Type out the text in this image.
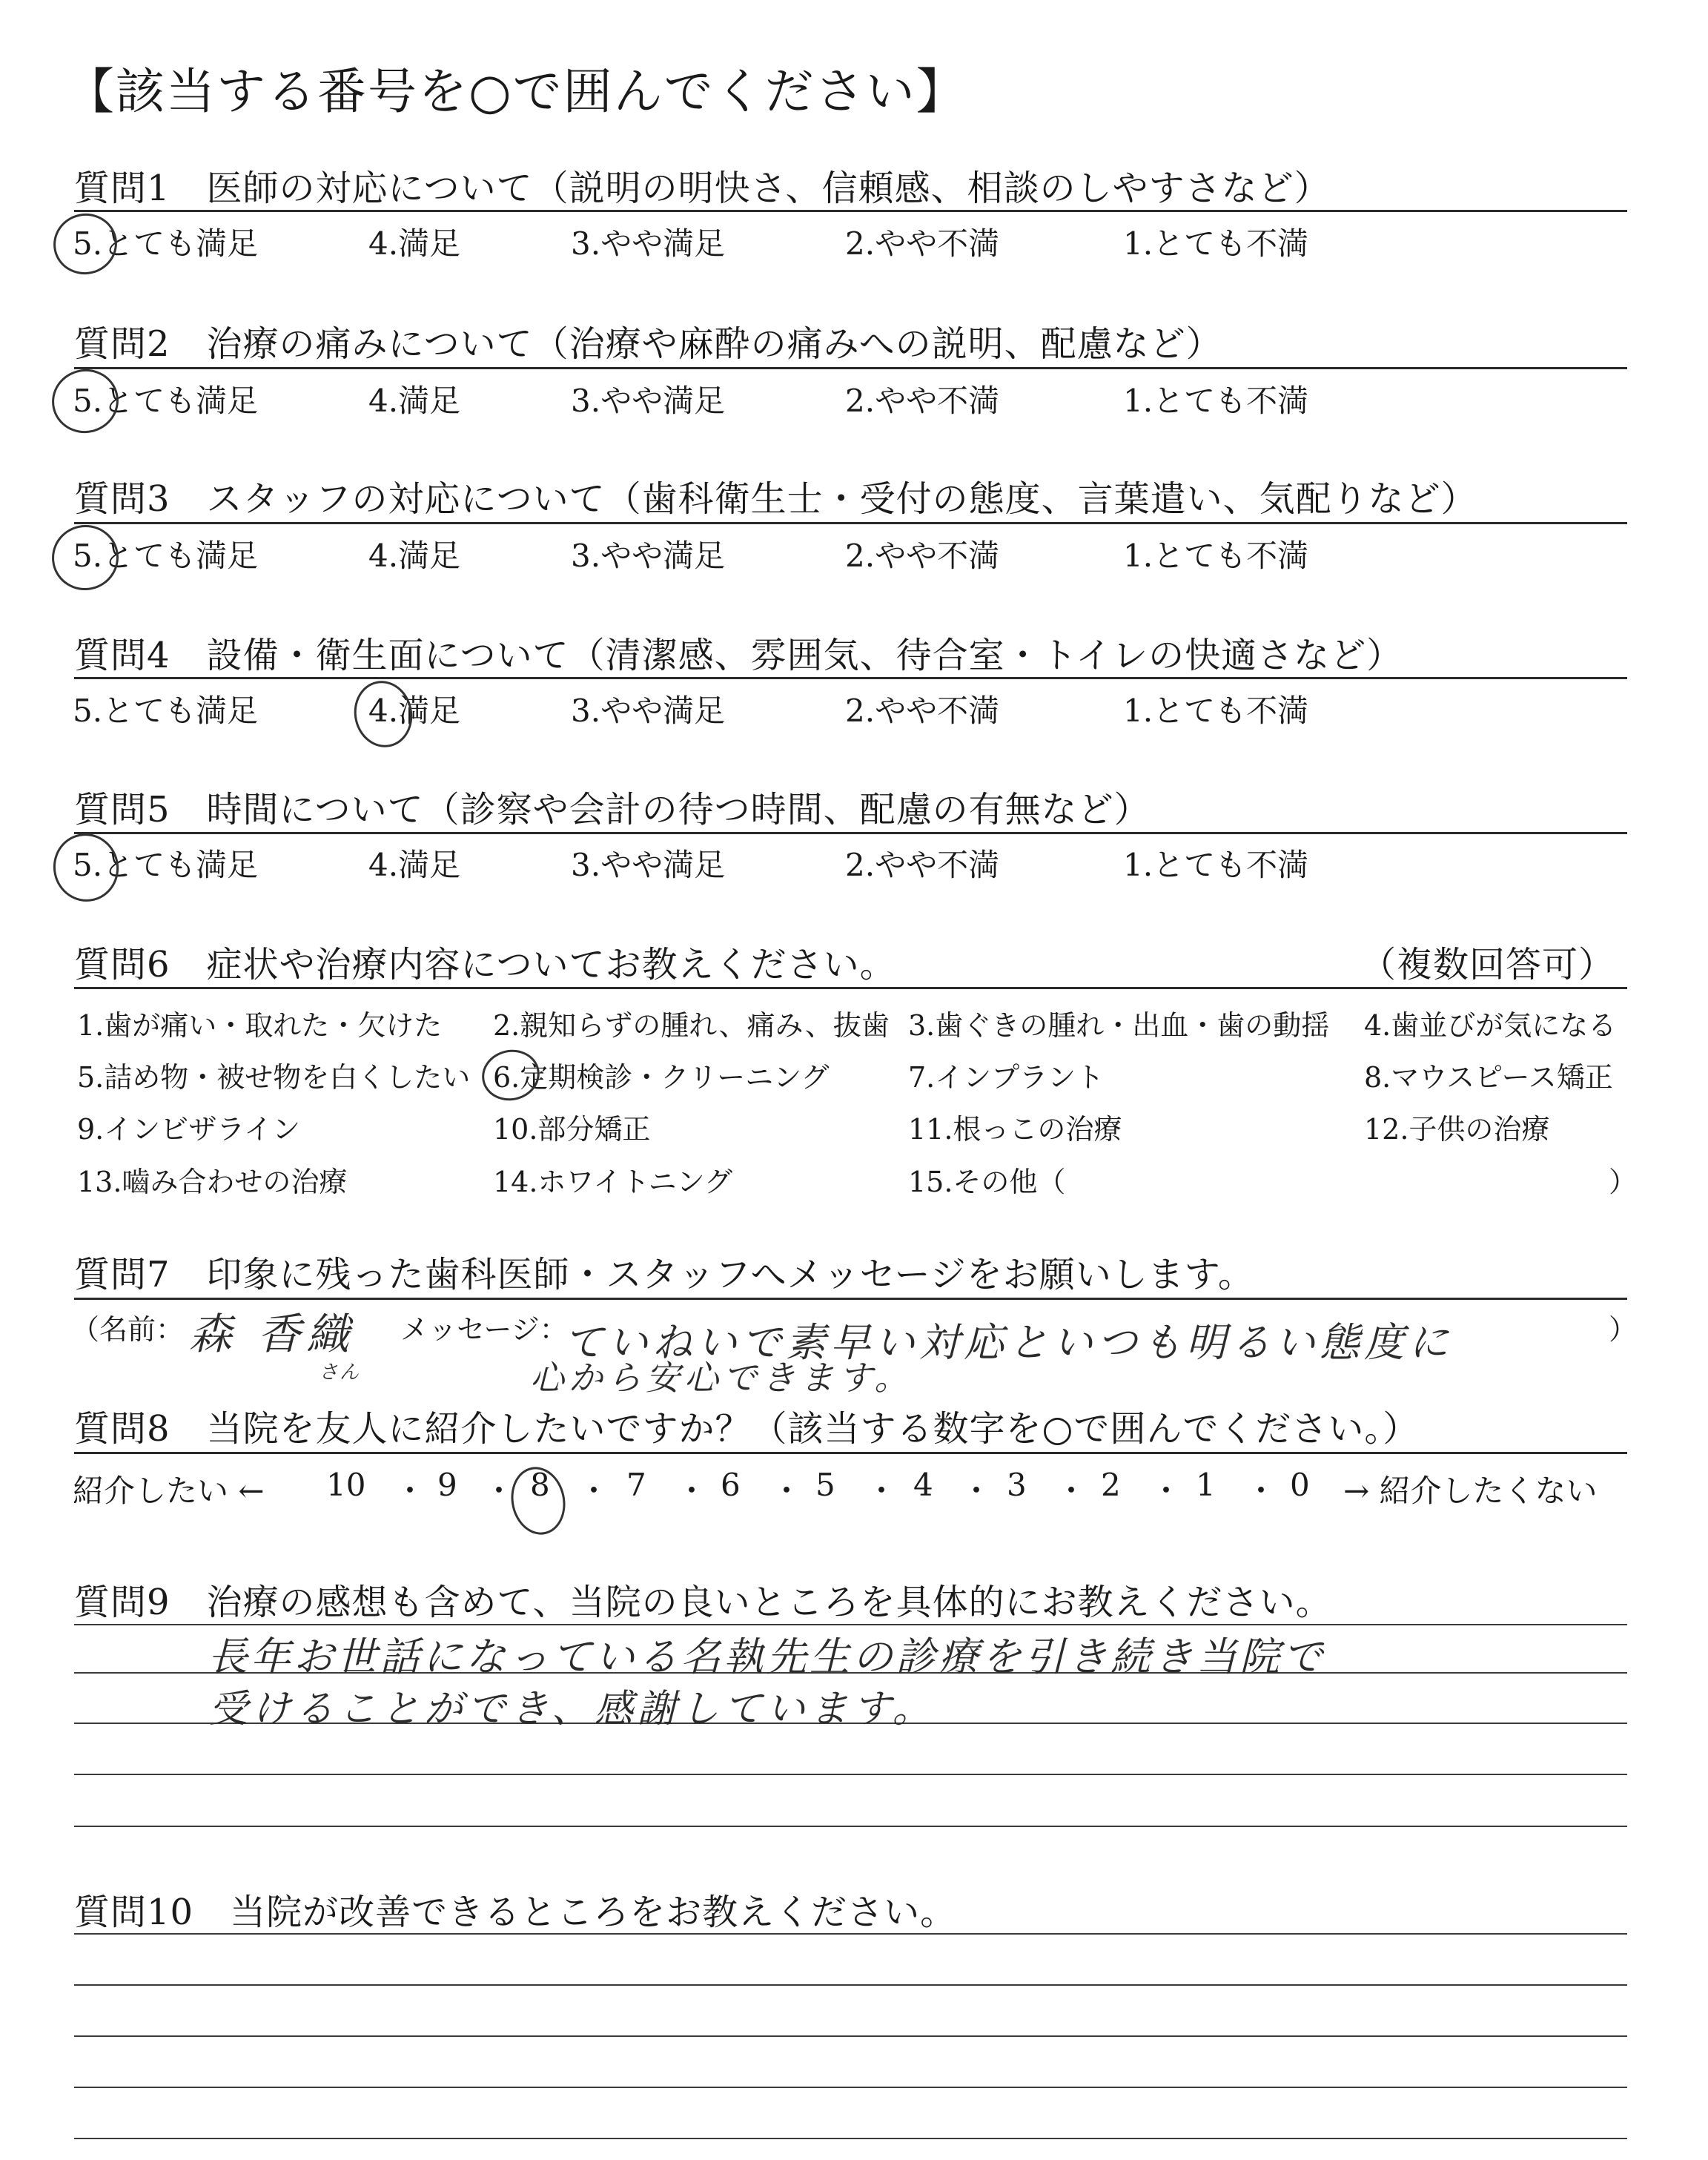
【該当する番号を○で囲んでください】
質問1　医師の対応について（説明の明快さ、信頼感、相談のしやすさなど）
5.とても満足	4.満足	3.やや満足	2.やや不満	1.とても不満
質問2　治療の痛みについて（治療や麻酔の痛みへの説明、配慮など）
5.とても満足	4.満足	3.やや満足	2.やや不満	1.とても不満
質問3　スタッフの対応について（歯科衛生士・受付の態度、言葉遣い、気配りなど）
5.とても満足	4.満足	3.やや満足	2.やや不満	1.とても不満
質問4　設備・衛生面について（清潔感、雰囲気、待合室・トイレの快適さなど）
5.とても満足	4.満足	3.やや満足	2.やや不満	1.とても不満
質問5　時間について（診察や会計の待つ時間、配慮の有無など）
5.とても満足	4.満足	3.やや満足	2.やや不満	1.とても不満
質問6　症状や治療内容についてお教えください。	（複数回答可）
1.歯が痛い・取れた・欠けた 2.親知らずの腫れ、痛み、抜歯 3.歯ぐきの腫れ・出血・歯の動揺 4.歯並びが気になる
5.詰め物・被せ物を白くしたい 6.定期検診・クリーニング	7.インプラント	8.マウスピース矯正
9.インビザライン	10.部分矯正	11.根っこの治療	12.子供の治療
13.嚙み合わせの治療	14.ホワイトニング	15.その他（	）
質問7　印象に残った歯科医師・スタッフへメッセージをお願いします。
（名前： 森 香織
さん
メッセージ：
ていねいで素早い対応といつも明るい態度に
心から安心できます。
）
質問8　当院を友人に紹介したいですか？（該当する数字を○で囲んでください。）
紹介したい ← 10 ・ 9 ・ 8 ・ 7 ・ 6 ・ 5 ・ 4 ・ 3 ・ 2 ・ 1 ・ 0 → 紹介したくない
質問9　治療の感想も含めて、当院の良いところを具体的にお教えください。
長年お世話になっている名執先生の診療を引き続き当院で
受けることができ、感謝しています。
質問10　当院が改善できるところをお教えください。
